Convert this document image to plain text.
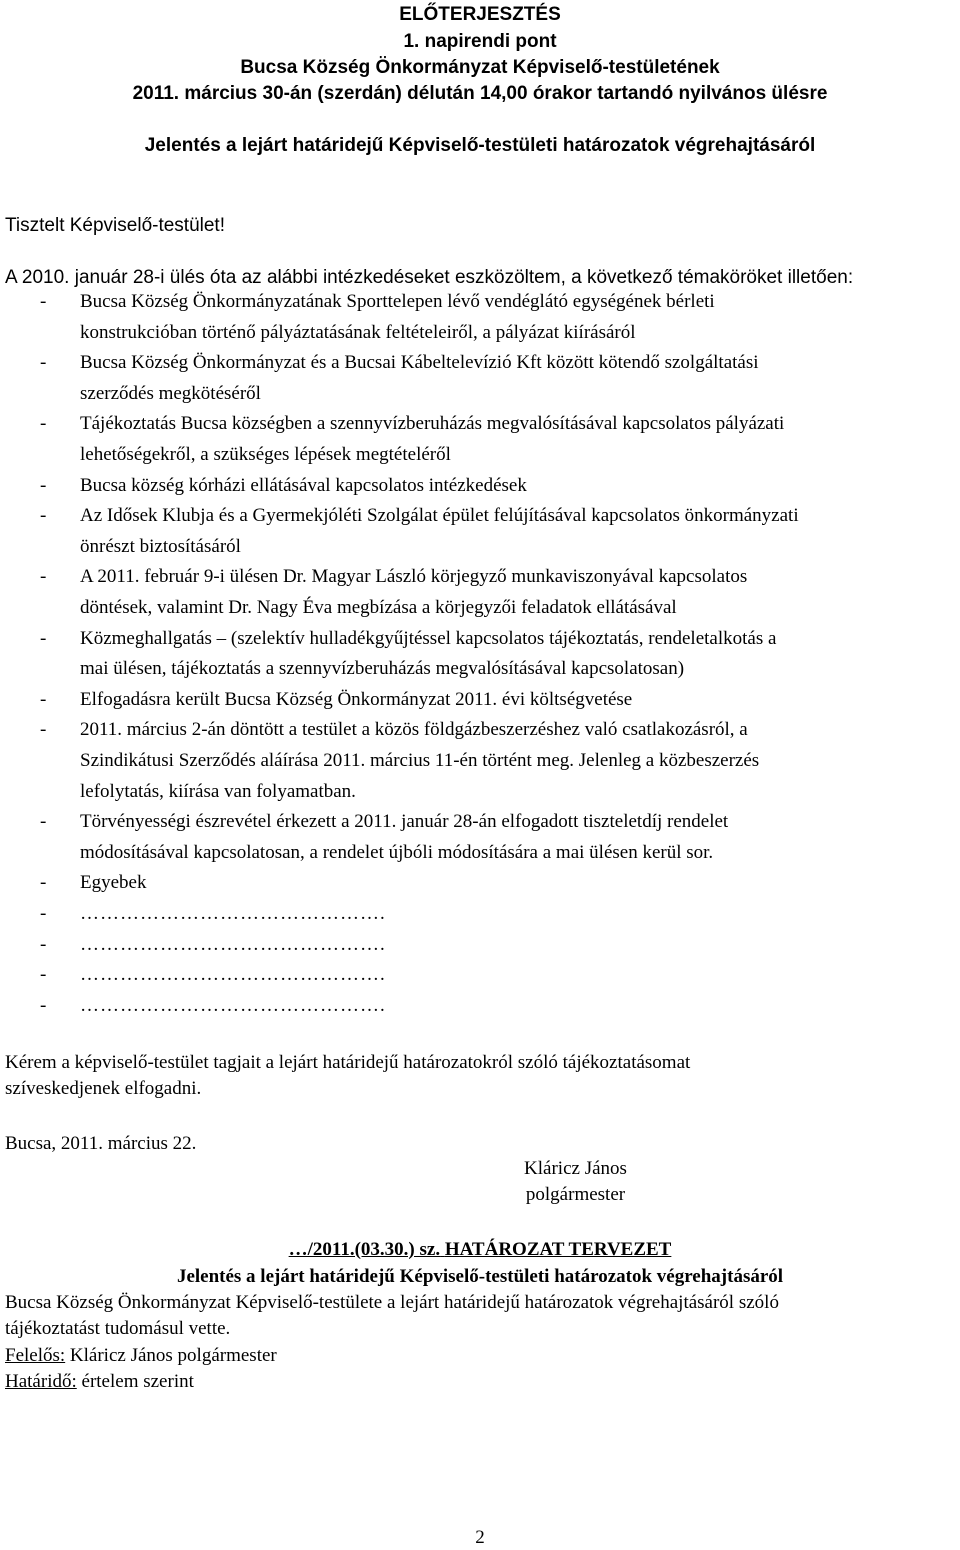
ELŐTERJESZTÉS
1. napirendi pont
Bucsa Község Önkormányzat Képviselő-testületének
2011. március 30-án (szerdán) délután 14,00 órakor tartandó nyilvános ülésre
Jelentés a lejárt határidejű Képviselő-testületi határozatok végrehajtásáról
Tisztelt Képviselő-testület!
A 2010. január 28-i ülés óta az alábbi intézkedéseket eszközöltem, a következő témaköröket illetően:
- Bucsa Község Önkormányzatának Sporttelepen lévő vendéglátó egységének bérleti
konstrukcióban történő pályáztatásának feltételeiről, a pályázat kiírásáról
- Bucsa Község Önkormányzat és a Bucsai Kábeltelevízió Kft között kötendő szolgáltatási
szerződés megkötéséről
- Tájékoztatás Bucsa községben a szennyvízberuházás megvalósításával kapcsolatos pályázati
lehetőségekről, a szükséges lépések megtételéről
- Bucsa község kórházi ellátásával kapcsolatos intézkedések
- Az Idősek Klubja és a Gyermekjóléti Szolgálat épület felújításával kapcsolatos önkormányzati
önrészt biztosításáról
- A 2011. február 9-i ülésen Dr. Magyar László körjegyző munkaviszonyával kapcsolatos
döntések, valamint Dr. Nagy Éva megbízása a körjegyzői feladatok ellátásával
- Közmeghallgatás – (szelektív hulladékgyűjtéssel kapcsolatos tájékoztatás, rendeletalkotás a
mai ülésen, tájékoztatás a szennyvízberuházás megvalósításával kapcsolatosan)
- Elfogadásra került Bucsa Község Önkormányzat 2011. évi költségvetése
- 2011. március 2-án döntött a testület a közös földgázbeszerzéshez való csatlakozásról, a
Szindikátusi Szerződés aláírása 2011. március 11-én történt meg. Jelenleg a közbeszerzés
lefolytatás, kiírása van folyamatban.
- Törvényességi észrevétel érkezett a 2011. január 28-án elfogadott tiszteletdíj rendelet
módosításával kapcsolatosan, a rendelet újbóli módosítására a mai ülésen kerül sor.
- Egyebek
- ……………………………………….
- ……………………………………….
- ……………………………………….
- ……………………………………….
Kérem a képviselő-testület tagjait a lejárt határidejű határozatokról szóló tájékoztatásomat
szíveskedjenek elfogadni.
Bucsa, 2011. március 22.
Kláricz János
polgármester
…/2011.(03.30.) sz. HATÁROZAT TERVEZET
Jelentés a lejárt határidejű Képviselő-testületi határozatok végrehajtásáról
Bucsa Község Önkormányzat Képviselő-testülete a lejárt határidejű határozatok végrehajtásáról szóló
tájékoztatást tudomásul vette.
Felelős: Kláricz János polgármester
Határidő: értelem szerint
2
